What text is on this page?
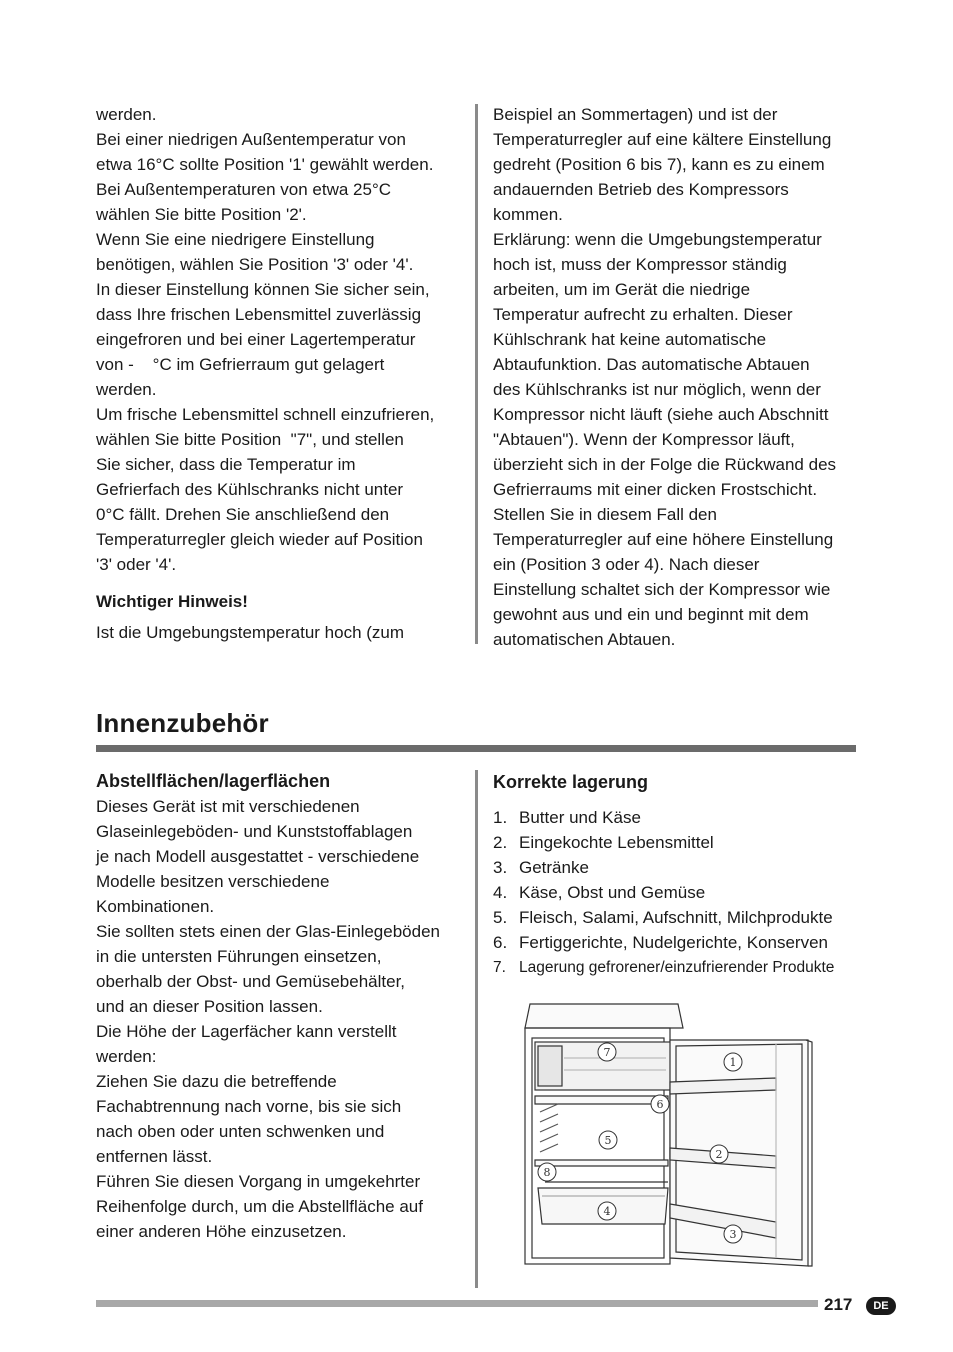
werden.

Bei einer niedrigen Außentemperatur von

etwa 16°C sollte Position '1' gewählt werden.

Bei Außentemperaturen von etwa 25°C

wählen Sie bitte Position '2'.

Wenn Sie eine niedrigere Einstellung

benötigen, wählen Sie Position '3' oder '4'.

In dieser Einstellung können Sie sicher sein,

dass Ihre frischen Lebensmittel zuverlässig

eingefroren und bei einer Lagertemperatur

von -    °C im Gefrierraum gut gelagert

werden.

Um frische Lebensmittel schnell einzufrieren,

wählen Sie bitte Position  "7", und stellen

Sie sicher, dass die Temperatur im

Gefrierfach des Kühlschranks nicht unter

0°C fällt. Drehen Sie anschließend den

Temperaturregler gleich wieder auf Position

'3' oder '4'.

Wichtiger Hinweis!

Ist die Umgebungstemperatur hoch (zum

Beispiel an Sommertagen) und ist der

Temperaturregler auf eine kältere Einstellung

gedreht (Position 6 bis 7), kann es zu einem

andauernden Betrieb des Kompressors

kommen.

Erklärung: wenn die Umgebungstemperatur

hoch ist, muss der Kompressor ständig

arbeiten, um im Gerät die niedrige

Temperatur aufrecht zu erhalten. Dieser

Kühlschrank hat keine automatische

Abtaufunktion. Das automatische Abtauen

des Kühlschranks ist nur möglich, wenn der

Kompressor nicht läuft (siehe auch Abschnitt

"Abtauen"). Wenn der Kompressor läuft,

überzieht sich in der Folge die Rückwand des

Gefrierraums mit einer dicken Frostschicht.

Stellen Sie in diesem Fall den

Temperaturregler auf eine höhere Einstellung

ein (Position 3 oder 4). Nach dieser

Einstellung schaltet sich der Kompressor wie

gewohnt aus und ein und beginnt mit dem

automatischen Abtauen.

Innenzubehör
Abstellflächen/lagerflächen

Dieses Gerät ist mit verschiedenen

Glaseinlegeböden- und Kunststoffablagen

je nach Modell ausgestattet - verschiedene

Modelle besitzen verschiedene

Kombinationen.

Sie sollten stets einen der Glas-Einlegeböden

in die untersten Führungen einsetzen,

oberhalb der Obst- und Gemüsebehälter,

und an dieser Position lassen.

Die Höhe der Lagerfächer kann verstellt

werden:

Ziehen Sie dazu die betreffende

Fachabtrennung nach vorne, bis sie sich

nach oben oder unten schwenken und

entfernen lässt.

Führen Sie diesen Vorgang in umgekehrter

Reihenfolge durch, um die Abstellfläche auf

einer anderen Höhe einzusetzen.

Korrekte lagerung
1. Butter und Käse
2. Eingekochte Lebensmittel
3. Getränke
4. Käse, Obst und Gemüse
5. Fleisch, Salami, Aufschnitt, Milchprodukte
6. Fertiggerichte, Nudelgerichte, Konserven
7. Lagerung gefrorener/einzufrierender Produkte
7
1
6
5
2
8
4
3
217	DE
